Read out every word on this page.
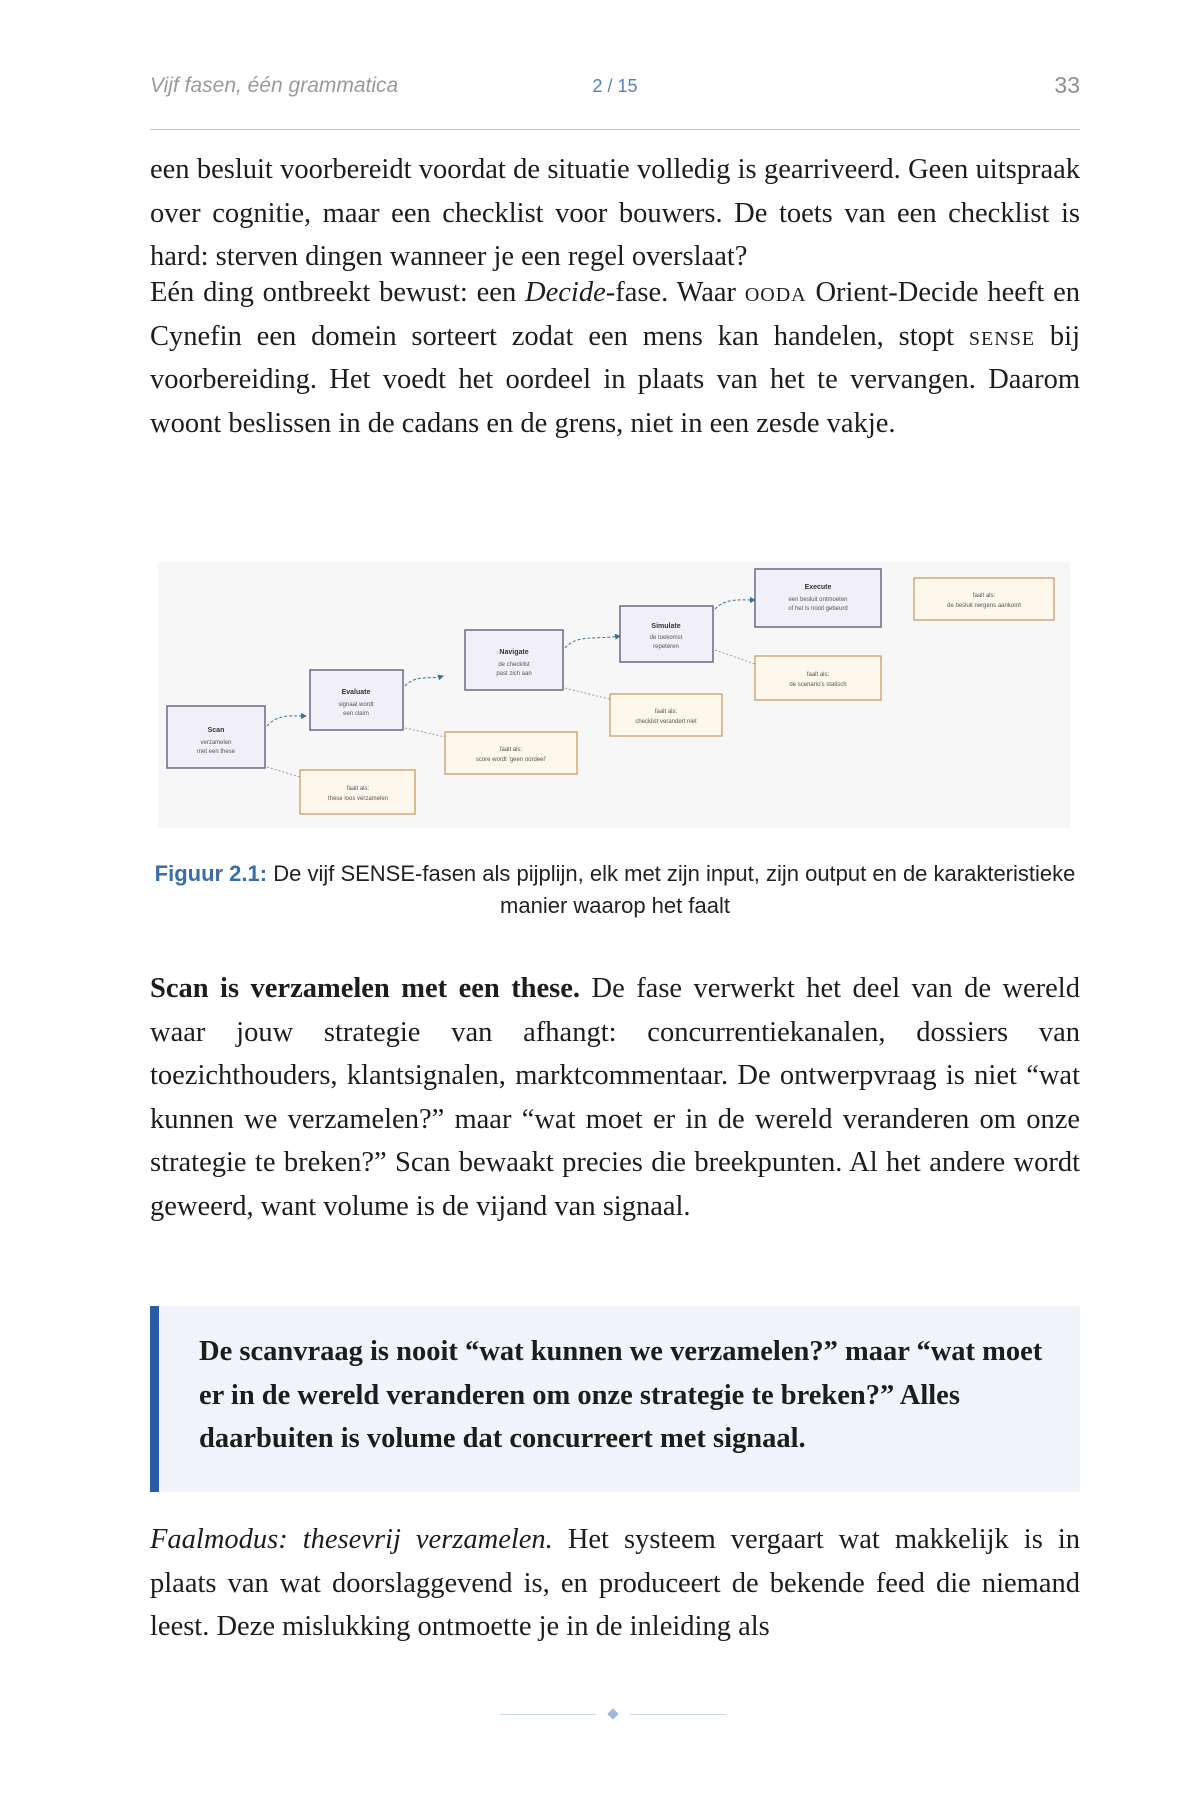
Vijf fasen, één grammatica	2 / 15	33

een besluit voorbereidt voordat de situatie volledig is gearriveerd. Geen uitspraak over cognitie, maar een checklist voor bouwers. De toets van een checklist is hard: sterven dingen wanneer je een regel overslaat?

Eén ding ontbreekt bewust: een Decide-fase. Waar ooda Orient-Decide heeft en Cynefin een domein sorteert zodat een mens kan handelen, stopt sense bij voorbereiding. Het voedt het oordeel in plaats van het te vervangen. Daarom woont beslissen in de cadans en de grens, niet in een zesde vakje.

Scan
verzamelen
met een these
Evaluate
signaal wordt
een claim
Navigate
de checklist
past zich aan
Simulate
de toekomst
repeteren
Execute
een besluit ontmoeten
of het is nooit gebeurd
faalt als:
these loos verzamelen
faalt als:
score wordt ‘geen oordeel’
faalt als:
checklist verandert niet
faalt als:
de scenario's statisch
faalt als:
de besluit nergens aankomt
Figuur 2.1: De vijf SENSE-fasen als pijplijn, elk met zijn input, zijn output en de karakteristieke manier waarop het faalt

Scan is verzamelen met een these. De fase verwerkt het deel van de wereld waar jouw strategie van afhangt: concurrentiekanalen, dossiers van toezichthouders, klantsignalen, marktcommentaar. De ontwerpvraag is niet “wat kunnen we verzamelen?” maar “wat moet er in de wereld veranderen om onze strategie te breken?” Scan bewaakt precies die breekpunten. Al het andere wordt geweerd, want volume is de vijand van signaal.

De scanvraag is nooit “wat kunnen we verzamelen?” maar “wat moet er in de wereld veranderen om onze strategie te breken?” Alles daarbuiten is volume dat concurreert met signaal.

Faalmodus: thesevrij verzamelen. Het systeem vergaart wat makkelijk is in plaats van wat doorslaggevend is, en produceert de bekende feed die niemand leest. Deze mislukking ontmoette je in de inleiding als
